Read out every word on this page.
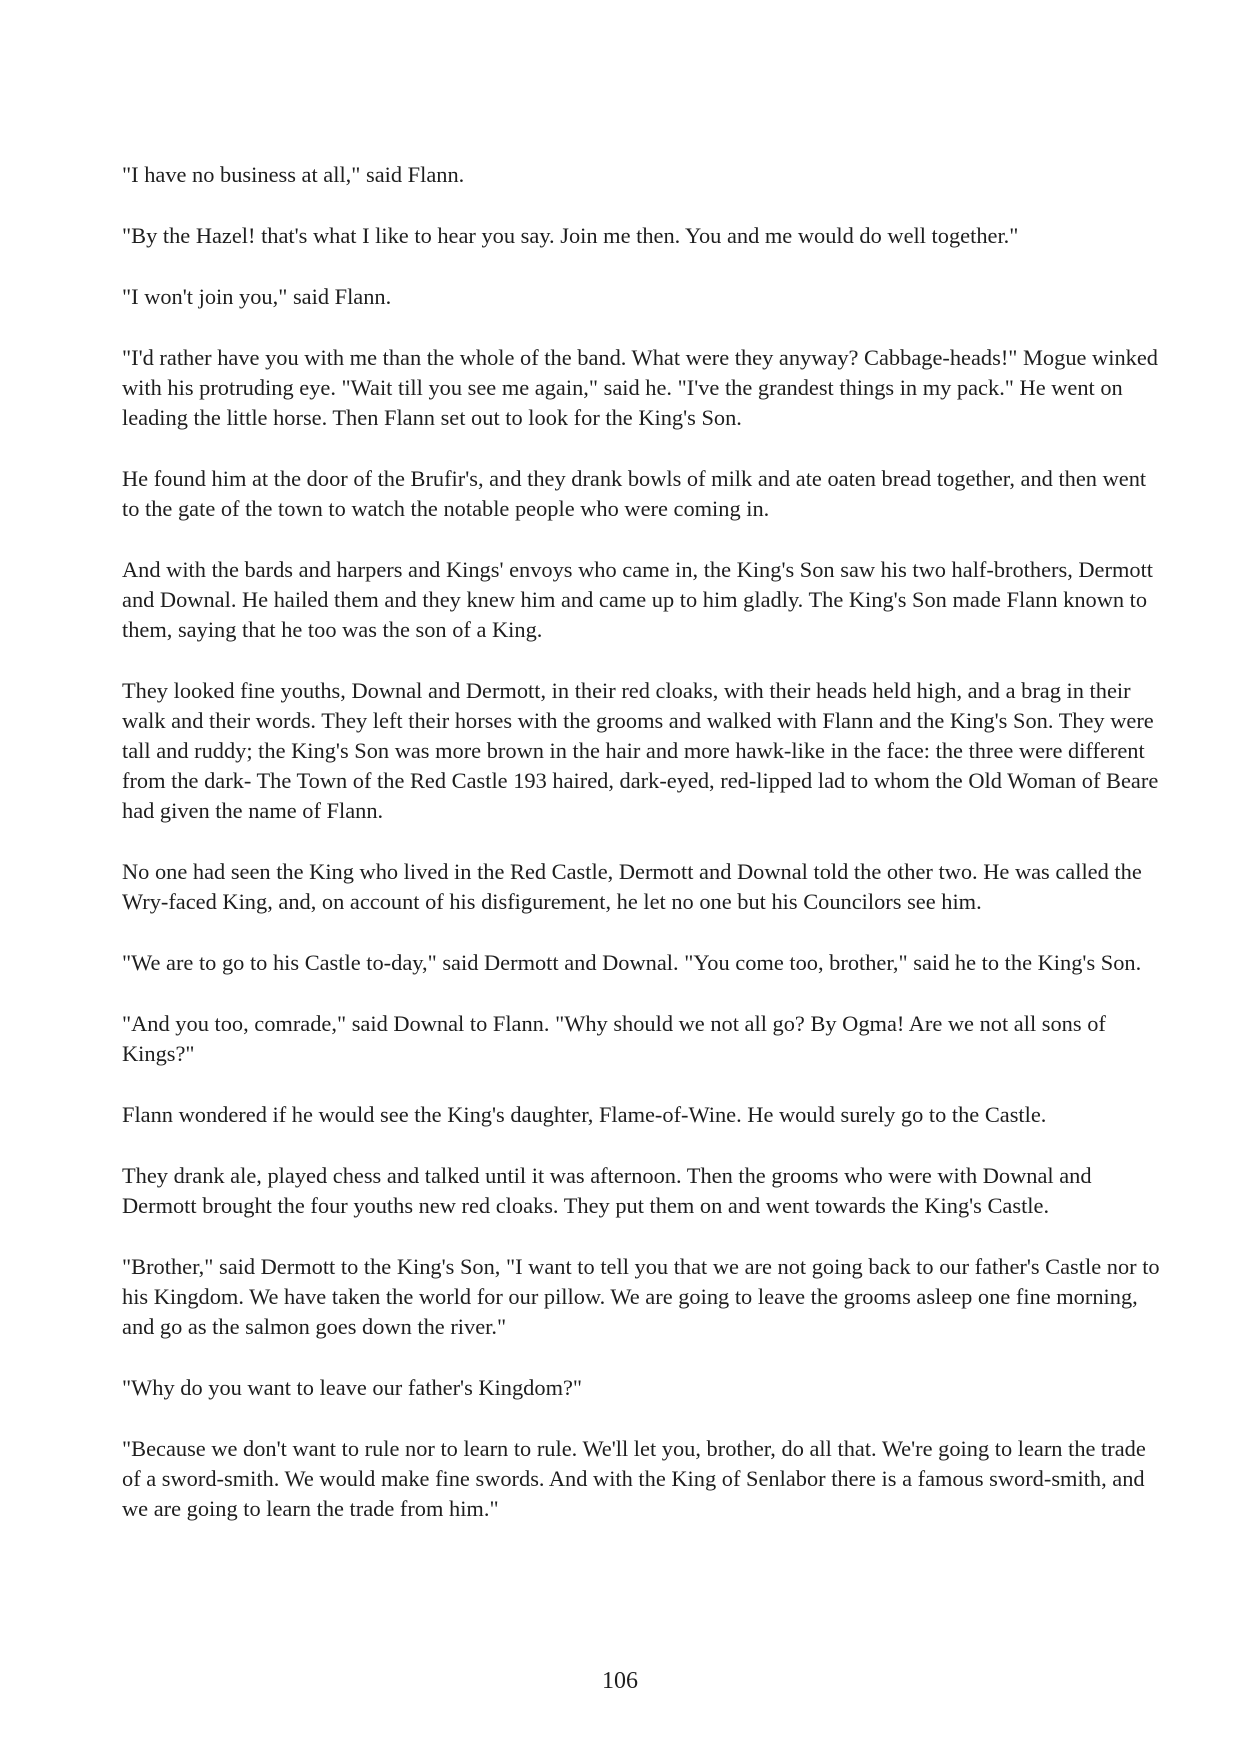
"I have no business at all," said Flann.

"By the Hazel! that's what I like to hear you say. Join me then. You and me would do well together."

"I won't join you," said Flann.

"I'd rather have you with me than the whole of the band. What were they anyway? Cabbage-heads!" Mogue winked with his protruding eye. "Wait till you see me again," said he. "I've the grandest things in my pack." He went on leading the little horse. Then Flann set out to look for the King's Son.

He found him at the door of the Brufir's, and they drank bowls of milk and ate oaten bread together, and then went to the gate of the town to watch the notable people who were coming in.

And with the bards and harpers and Kings' envoys who came in, the King's Son saw his two half-brothers, Dermott and Downal. He hailed them and they knew him and came up to him gladly. The King's Son made Flann known to them, saying that he too was the son of a King.

They looked fine youths, Downal and Dermott, in their red cloaks, with their heads held high, and a brag in their walk and their words. They left their horses with the grooms and walked with Flann and the King's Son. They were tall and ruddy; the King's Son was more brown in the hair and more hawk-like in the face: the three were different from the dark- The Town of the Red Castle 193 haired, dark-eyed, red-lipped lad to whom the Old Woman of Beare had given the name of Flann.

No one had seen the King who lived in the Red Castle, Dermott and Downal told the other two. He was called the Wry-faced King, and, on account of his disfigurement, he let no one but his Councilors see him.

"We are to go to his Castle to-day," said Dermott and Downal. "You come too, brother," said he to the King's Son.

"And you too, comrade," said Downal to Flann. "Why should we not all go? By Ogma! Are we not all sons of Kings?"

Flann wondered if he would see the King's daughter, Flame-of-Wine. He would surely go to the Castle.

They drank ale, played chess and talked until it was afternoon. Then the grooms who were with Downal and Dermott brought the four youths new red cloaks. They put them on and went towards the King's Castle.

"Brother," said Dermott to the King's Son, "I want to tell you that we are not going back to our father's Castle nor to his Kingdom. We have taken the world for our pillow. We are going to leave the grooms asleep one fine morning, and go as the salmon goes down the river."

"Why do you want to leave our father's Kingdom?"

"Because we don't want to rule nor to learn to rule. We'll let you, brother, do all that. We're going to learn the trade of a sword-smith. We would make fine swords. And with the King of Senlabor there is a famous sword-smith, and we are going to learn the trade from him."

106
